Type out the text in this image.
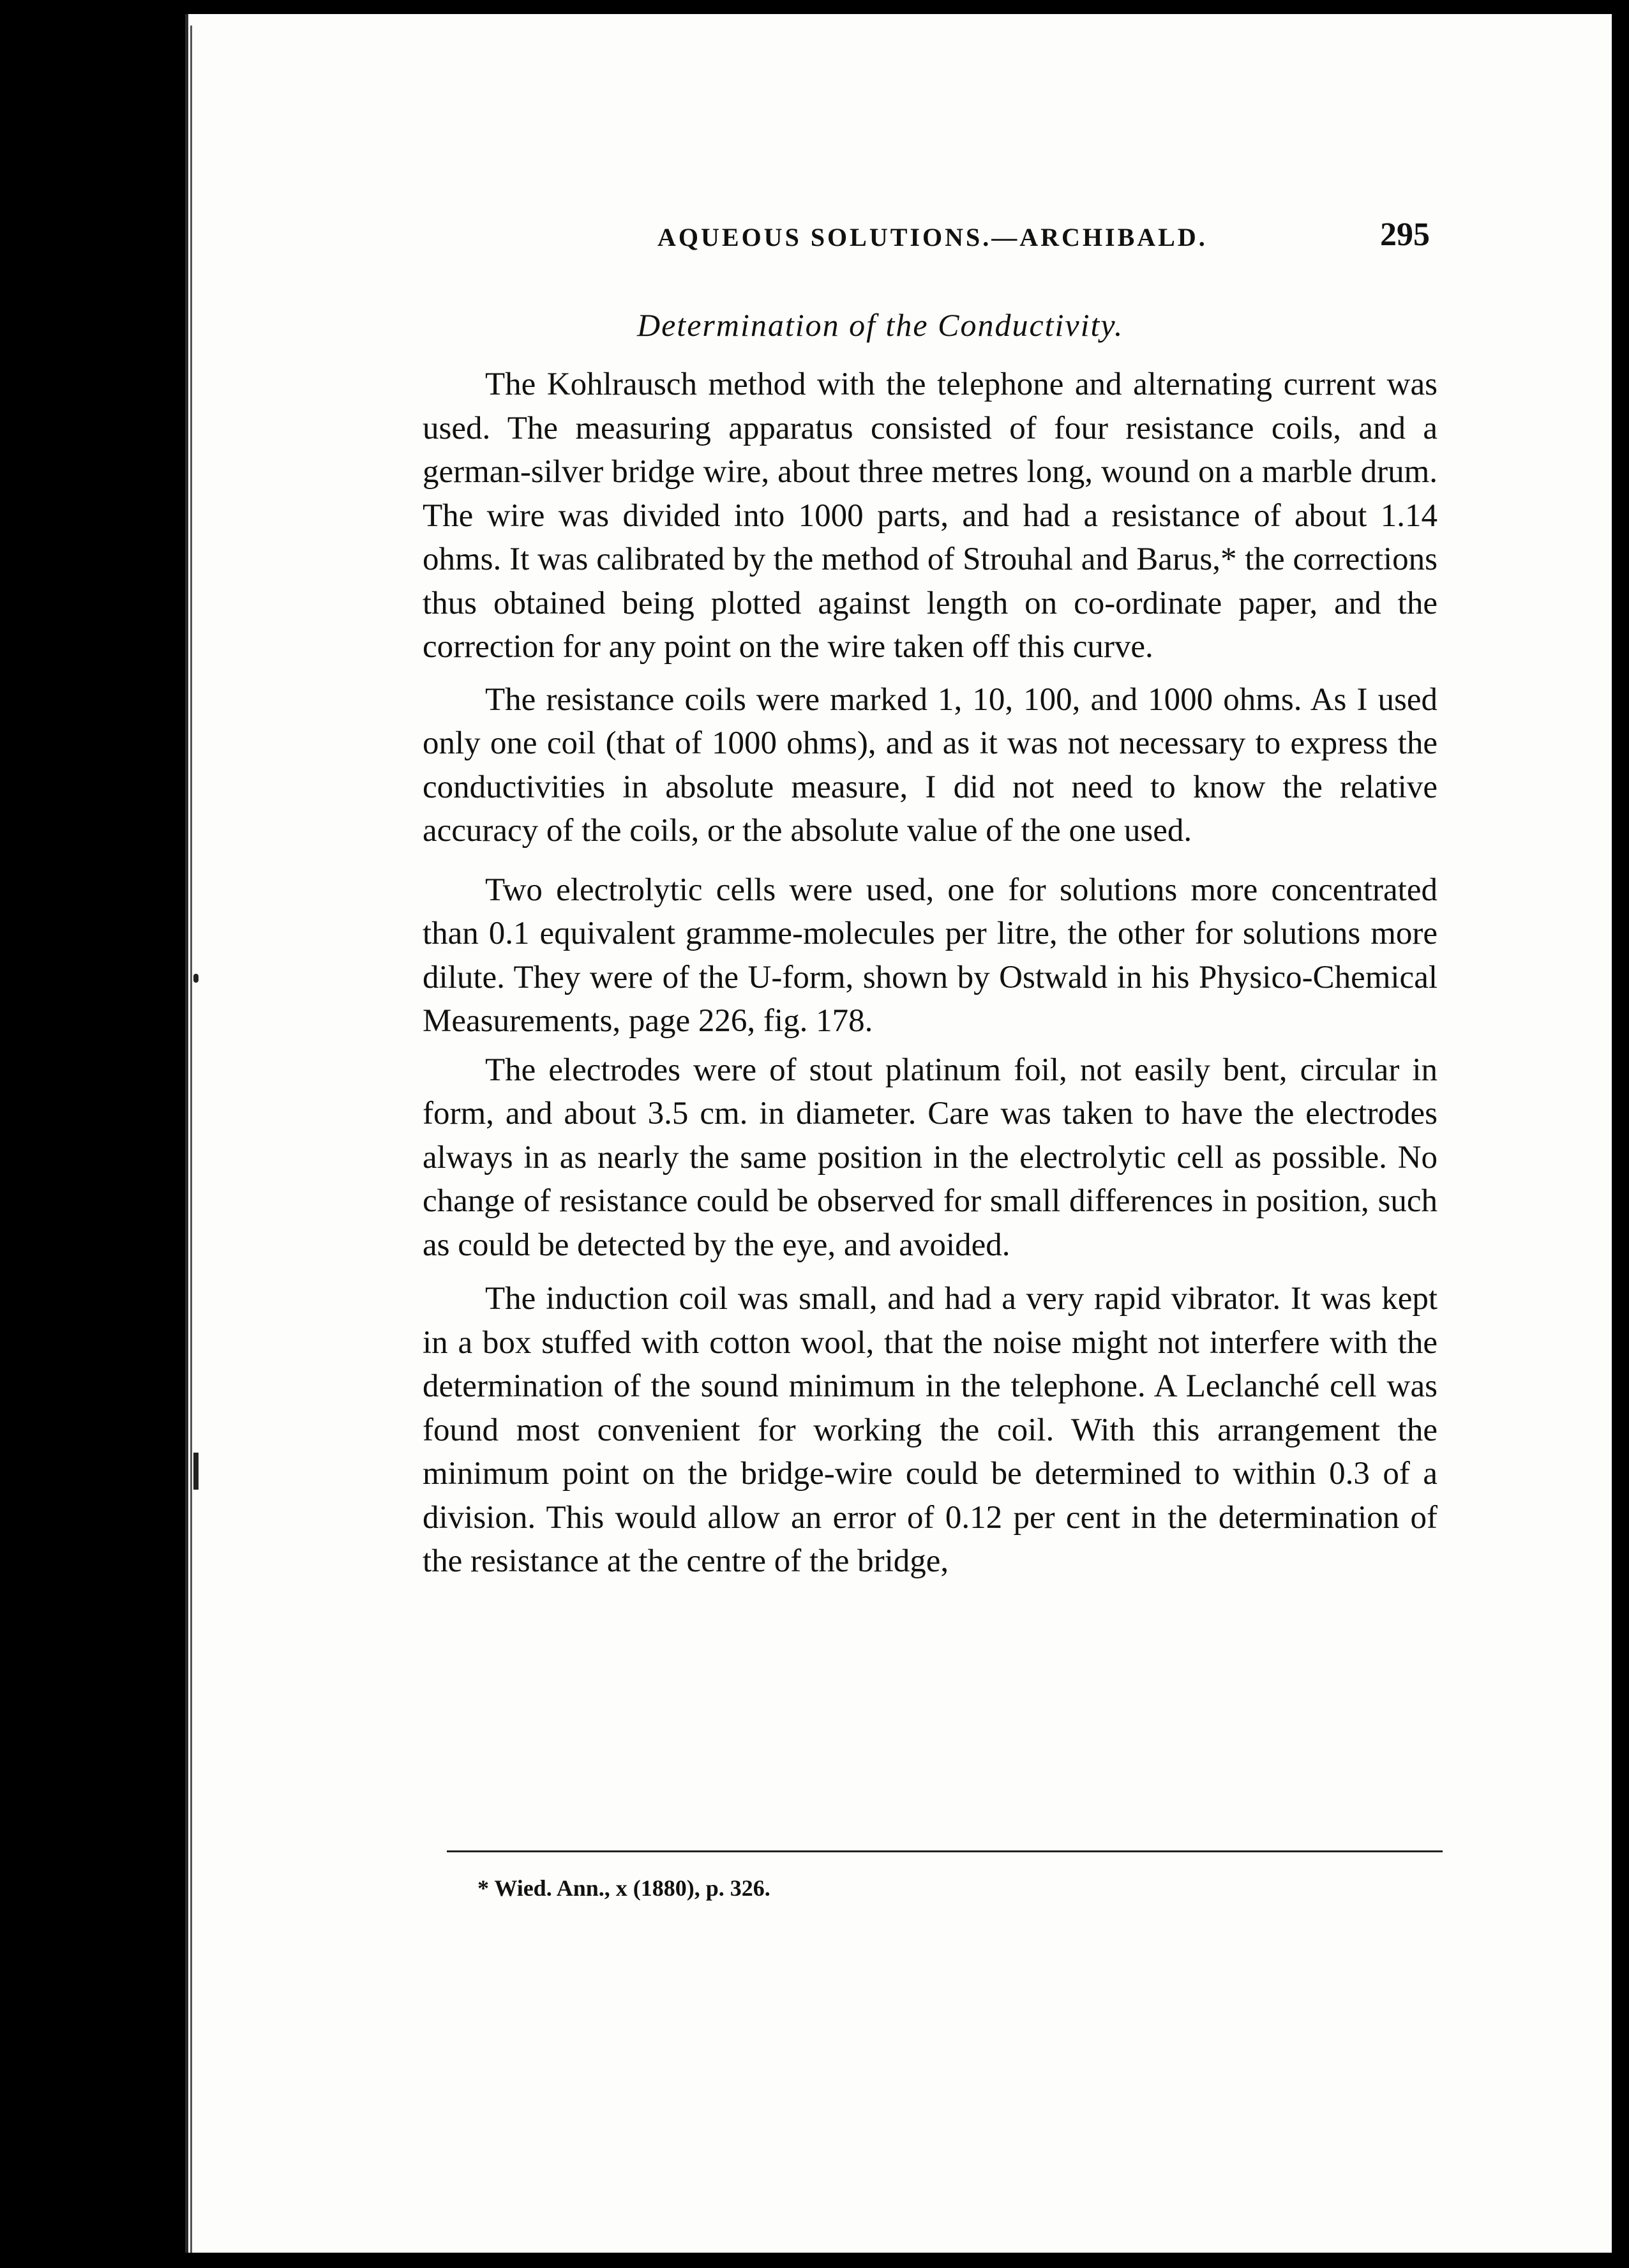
AQUEOUS SOLUTIONS.—ARCHIBALD.	295
Determination of the Conductivity.

The Kohlrausch method with the telephone and alternating current was used. The measuring apparatus consisted of four resistance coils, and a german-silver bridge wire, about three metres long, wound on a marble drum. The wire was divided into 1000 parts, and had a resistance of about 1.14 ohms. It was calibrated by the method of Strouhal and Barus,* the corrections thus obtained being plotted against length on co-ordinate paper, and the correction for any point on the wire taken off this curve.

The resistance coils were marked 1, 10, 100, and 1000 ohms. As I used only one coil (that of 1000 ohms), and as it was not necessary to express the conductivities in absolute measure, I did not need to know the relative accuracy of the coils, or the absolute value of the one used.

Two electrolytic cells were used, one for solutions more concentrated than 0.1 equivalent gramme-molecules per litre, the other for solutions more dilute. They were of the U-form, shown by Ostwald in his Physico-Chemical Measurements, page 226, fig. 178.

The electrodes were of stout platinum foil, not easily bent, circular in form, and about 3.5 cm. in diameter. Care was taken to have the electrodes always in as nearly the same position in the electrolytic cell as possible. No change of resistance could be observed for small differences in position, such as could be detected by the eye, and avoided.

The induction coil was small, and had a very rapid vibrator. It was kept in a box stuffed with cotton wool, that the noise might not interfere with the determination of the sound minimum in the telephone. A Leclanché cell was found most convenient for working the coil. With this arrangement the minimum point on the bridge-wire could be determined to within 0.3 of a division. This would allow an error of 0.12 per cent in the determination of the resistance at the centre of the bridge,

* Wied. Ann., x (1880), p. 326.
